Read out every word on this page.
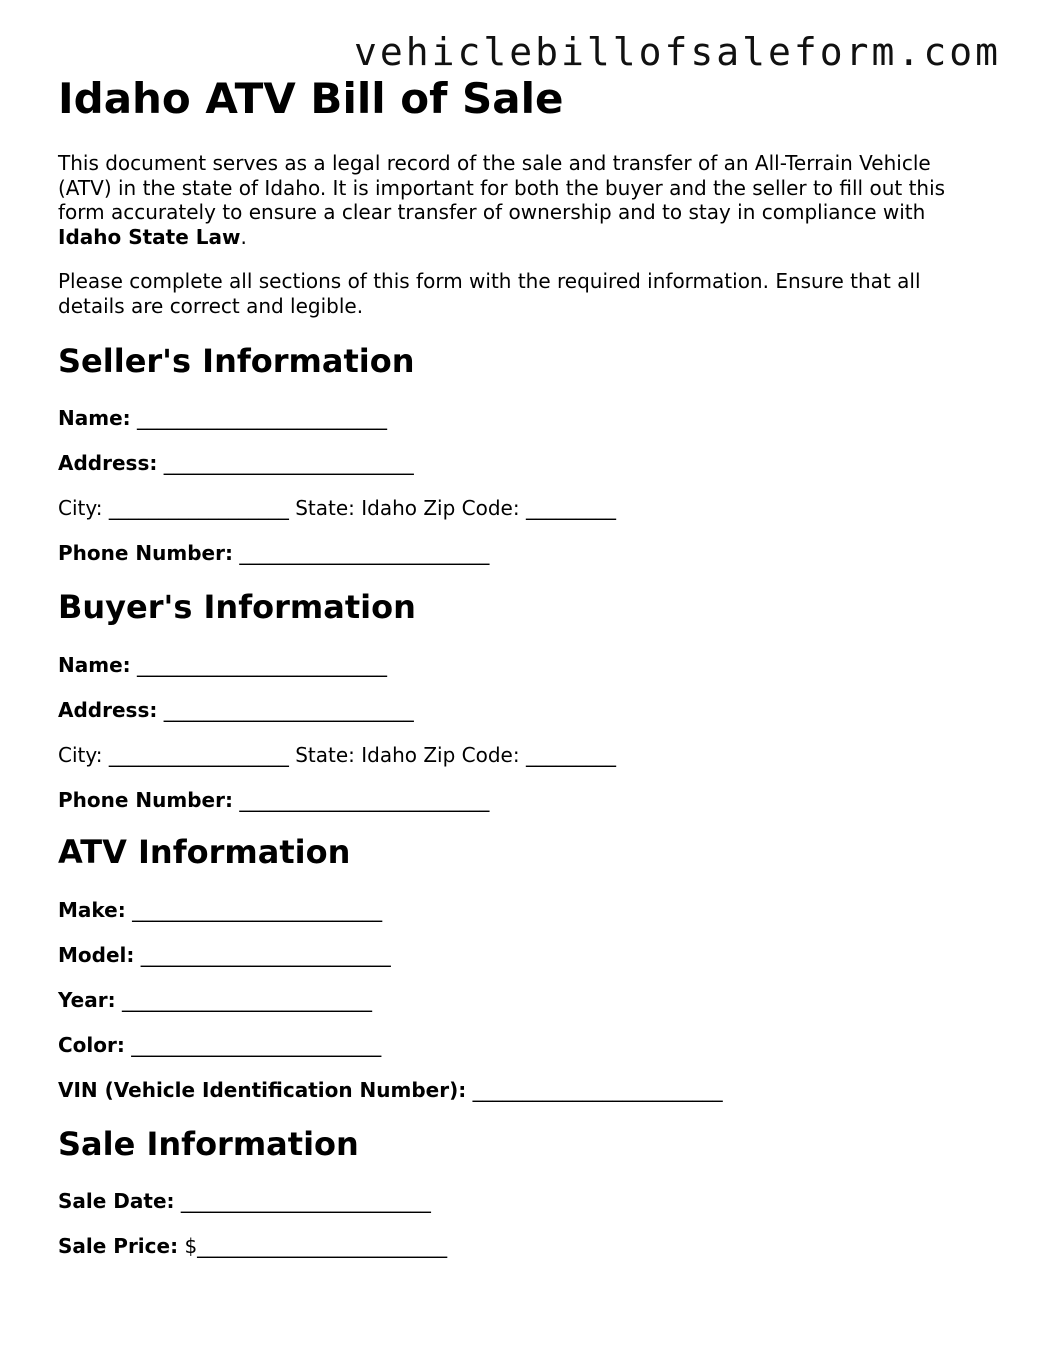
vehiclebillofsaleform.com
Idaho ATV Bill of Sale

This document serves as a legal record of the sale and transfer of an All-Terrain Vehicle (ATV) in the state of Idaho. It is important for both the buyer and the seller to fill out this form accurately to ensure a clear transfer of ownership and to stay in compliance with Idaho State Law.

Please complete all sections of this form with the required information. Ensure that all details are correct and legible.

Seller's Information
Name: _________________________
Address: _________________________
City: __________________ State: Idaho Zip Code: _________
Phone Number: _________________________
Buyer's Information
Name: _________________________
Address: _________________________
City: __________________ State: Idaho Zip Code: _________
Phone Number: _________________________
ATV Information
Make: _________________________
Model: _________________________
Year: _________________________
Color: _________________________
VIN (Vehicle Identification Number): _________________________
Sale Information
Sale Date: _________________________
Sale Price: $_________________________
